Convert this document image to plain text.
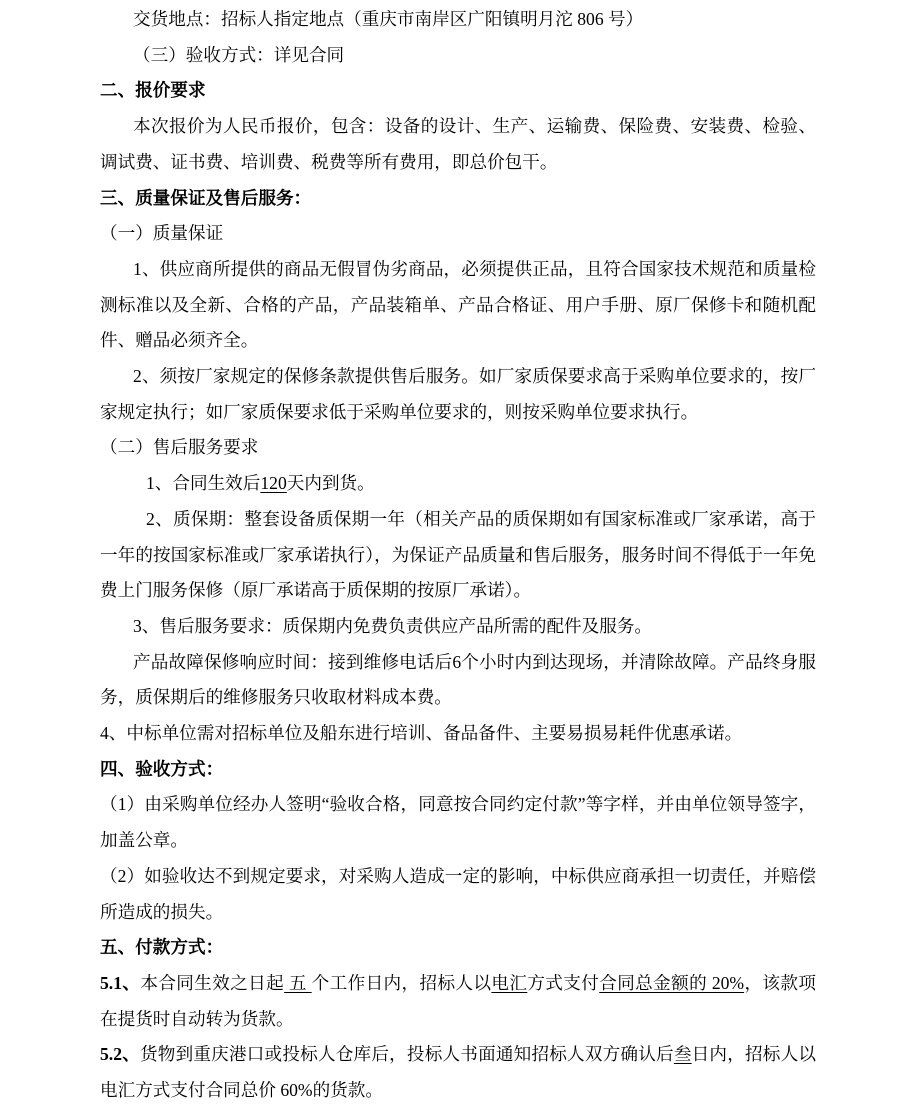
交货地点：招标人指定地点（重庆市南岸区广阳镇明月沱 806 号）

（三）验收方式：详见合同

二、报价要求

本次报价为人民币报价，包含：设备的设计、生产、运输费、保险费、安装费、检验、调试费、证书费、培训费、税费等所有费用，即总价包干。

三、质量保证及售后服务：

（一）质量保证

1、供应商所提供的商品无假冒伪劣商品，必须提供正品，且符合国家技术规范和质量检测标准以及全新、合格的产品，产品装箱单、产品合格证、用户手册、原厂保修卡和随机配件、赠品必须齐全。

2、须按厂家规定的保修条款提供售后服务。如厂家质保要求高于采购单位要求的，按厂家规定执行；如厂家质保要求低于采购单位要求的，则按采购单位要求执行。

（二）售后服务要求

1、合同生效后120天内到货。

2、质保期：整套设备质保期一年（相关产品的质保期如有国家标准或厂家承诺，高于一年的按国家标准或厂家承诺执行），为保证产品质量和售后服务，服务时间不得低于一年免费上门服务保修（原厂承诺高于质保期的按原厂承诺）。

3、售后服务要求：质保期内免费负责供应产品所需的配件及服务。

产品故障保修响应时间：接到维修电话后6个小时内到达现场，并清除故障。产品终身服务，质保期后的维修服务只收取材料成本费。

4、中标单位需对招标单位及船东进行培训、备品备件、主要易损易耗件优惠承诺。

四、验收方式：

（1）由采购单位经办人签明“验收合格，同意按合同约定付款”等字样，并由单位领导签字，加盖公章。

（2）如验收达不到规定要求，对采购人造成一定的影响，中标供应商承担一切责任，并赔偿所造成的损失。

五、付款方式：

5.1、本合同生效之日起 五 个工作日内，招标人以电汇方式支付合同总金额的 20%，该款项在提货时自动转为货款。

5.2、货物到重庆港口或投标人仓库后，投标人书面通知招标人双方确认后叁日内，招标人以电汇方式支付合同总价 60%的货款。
